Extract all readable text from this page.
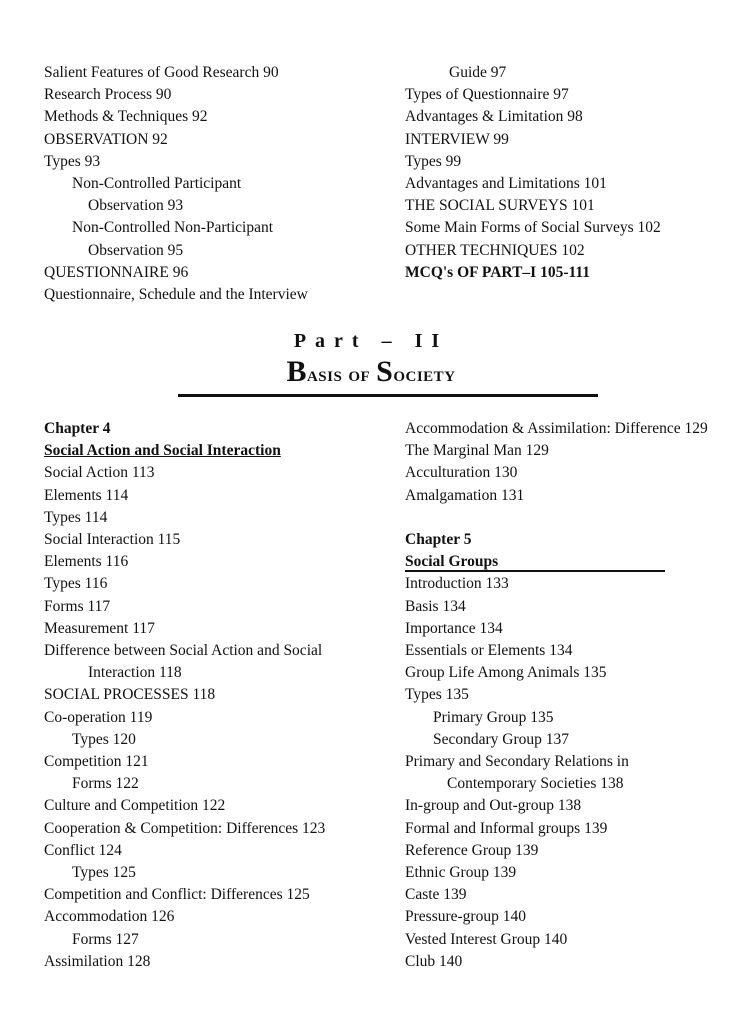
Salient Features of Good Research 90
Research Process 90
Methods & Techniques 92
OBSERVATION 92
Types 93
Non-Controlled Participant
Observation 93
Non-Controlled Non-Participant
Observation 95
QUESTIONNAIRE 96
Questionnaire, Schedule and the Interview
Guide 97
Types of Questionnaire 97
Advantages & Limitation 98
INTERVIEW 99
Types 99
Advantages and Limitations 101
THE SOCIAL SURVEYS 101
Some Main Forms of Social Surveys 102
OTHER TECHNIQUES 102
MCQ's OF PART–I 105-111
Part – II
Basis of Society
Chapter 4
Social Action and Social Interaction
Social Action 113
Elements 114
Types 114
Social Interaction 115
Elements 116
Types 116
Forms 117
Measurement 117
Difference between Social Action and Social
Interaction 118
SOCIAL PROCESSES 118
Co-operation 119
Types 120
Competition 121
Forms 122
Culture and Competition 122
Cooperation & Competition: Differences 123
Conflict 124
Types 125
Competition and Conflict: Differences 125
Accommodation 126
Forms 127
Assimilation 128
Accommodation & Assimilation: Difference 129
The Marginal Man 129
Acculturation 130
Amalgamation 131
Chapter 5
Social Groups
Introduction 133
Basis 134
Importance 134
Essentials or Elements 134
Group Life Among Animals 135
Types 135
Primary Group 135
Secondary Group 137
Primary and Secondary Relations in
Contemporary Societies 138
In-group and Out-group 138
Formal and Informal groups 139
Reference Group 139
Ethnic Group 139
Caste 139
Pressure-group 140
Vested Interest Group 140
Club 140
